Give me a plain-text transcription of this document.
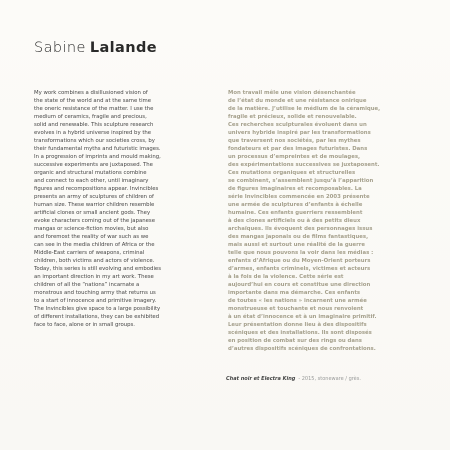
Sabine Lalande
My work combines a disillusioned vision of
the state of the world and at the same time
the oneric resistance of the matter. I use the
medium of ceramics, fragile and precious,
solid and renewable. This sculpture research
evolves in a hybrid universe inspired by the
transformations which our societies cross, by
their fundamental myths and futuristic images.
In a progression of imprints and mould making,
successive experiments are juxtaposed. The
organic and structural mutations combine
and connect to each other, until imaginary
figures and recompositions appear. Invincibles
presents an army of sculptures of children of
human size. These warrior children resemble
artificial clones or small ancient gods. They
evoke characters coming out of the japanese
mangas or science-fiction movies, but also
and foremost the reality of war such as we
can see in the media children of Africa or the
Middle-East carriers of weapons, criminal
children, both victims and actors of violence.
Today, this series is still evolving and embodies
an important direction in my art work. These
children of all the “nations” incarnate a
monstrous and touching army that returns us
to a start of innocence and primitive imagery.
The Invincibles give space to a large possibility
of different installations, they can be exhibited
face to face, alone or in small groups.
Mon travail mêle une vision désenchantée
de l’état du monde et une résistance onirique
de la matière. J’utilise le médium de la céramique,
fragile et précieux, solide et renouvelable.
Ces recherches sculpturales évoluent dans un
univers hybride inspiré par les transformations
que traversent nos sociétés, par les mythes
fondateurs et par des images futuristes. Dans
un processus d’empreintes et de moulages,
des expérimentations successives se juxtaposent.
Ces mutations organiques et structurelles
se combinent, s’assemblent jusqu’à l’apparition
de figures imaginaires et recomposables. La
série Invincibles commencée en 2003 présente
une armée de sculptures d’enfants à échelle
humaine. Ces enfants guerriers ressemblent
à des clones artificiels ou à des petits dieux
archaïques. Ils évoquent des personnages issus
des mangas japonais ou de films fantastiques,
mais aussi et surtout une réalité de la guerre
telle que nous pouvons la voir dans les médias :
enfants d’Afrique ou du Moyen-Orient porteurs
d’armes, enfants criminels, victimes et acteurs
à la fois de la violence. Cette série est
aujourd’hui en cours et constitue une direction
importante dans ma démarche. Ces enfants
de toutes « les nations » incarnent une armée
monstrueuse et touchante et nous renvoient
à un état d’innocence et à un imaginaire primitif.
Leur présentation donne lieu à des dispositifs
scéniques et des installations. Ils sont disposés
en position de combat sur des rings ou dans
d’autres dispositifs scéniques de confrontations.
Chat noir et Electra King - 2015, stoneware / grès.
